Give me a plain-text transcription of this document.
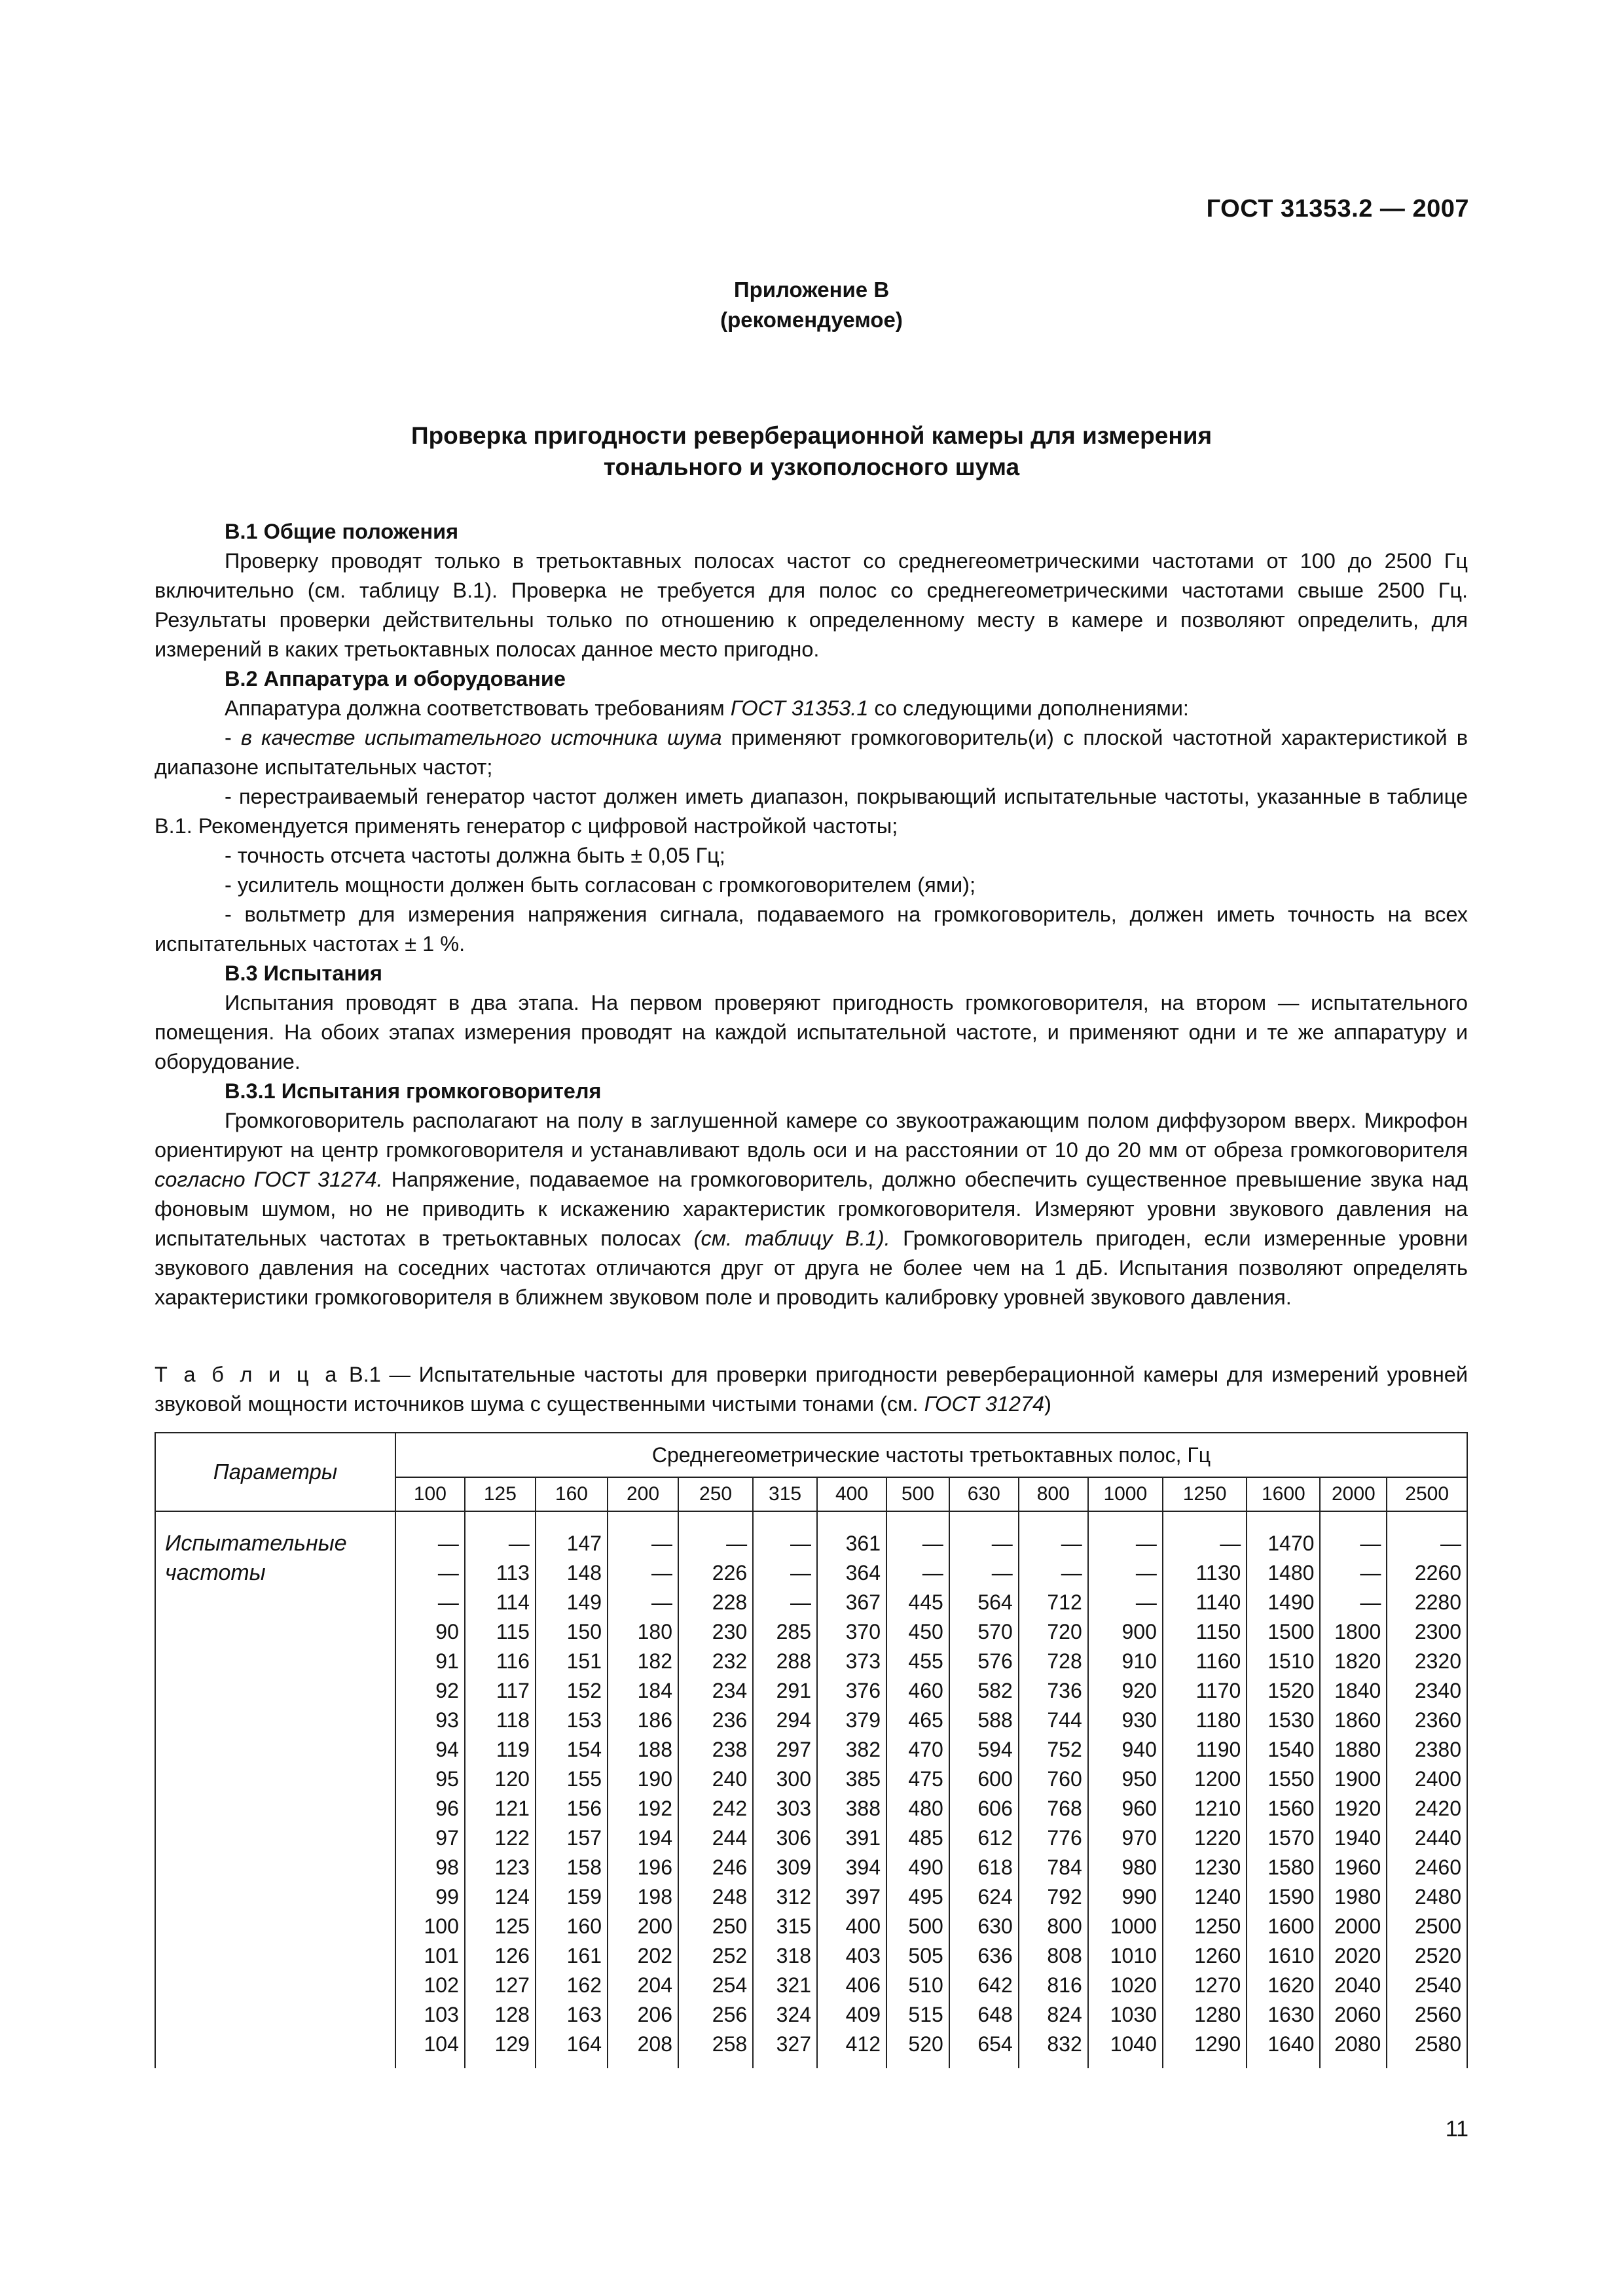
ГОСТ 31353.2 — 2007
Приложение В
(рекомендуемое)
Проверка пригодности реверберационной камеры для измерения
тонального и узкополосного шума
В.1 Общие положения

Проверку проводят только в третьоктавных полосах частот со среднегеометрическими частотами от 100 до 2500 Гц включительно (см. таблицу В.1). Проверка не требуется для полос со среднегеометрическими частотами свыше 2500 Гц. Результаты проверки действительны только по отношению к определенному месту в камере и позволяют определить, для измерений в каких третьоктавных полосах данное место пригодно.

В.2 Аппаратура и оборудование

Аппаратура должна соответствовать требованиям ГОСТ 31353.1 со следующими дополнениями:

- в качестве испытательного источника шума применяют громкоговоритель(и) с плоской частотной характеристикой в диапазоне испытательных частот;

- перестраиваемый генератор частот должен иметь диапазон, покрывающий испытательные частоты, указанные в таблице В.1. Рекомендуется применять генератор с цифровой настройкой частоты;

- точность отсчета частоты должна быть ± 0,05 Гц;

- усилитель мощности должен быть согласован с громкоговорителем (ями);

- вольтметр для измерения напряжения сигнала, подаваемого на громкоговоритель, должен иметь точность на всех испытательных частотах ± 1 %.

В.3 Испытания

Испытания проводят в два этапа. На первом проверяют пригодность громкоговорителя, на втором — испытательного помещения. На обоих этапах измерения проводят на каждой испытательной частоте, и применяют одни и те же аппаратуру и оборудование.

В.3.1 Испытания громкоговорителя

Громкоговоритель располагают на полу в заглушенной камере со звукоотражающим полом диффузором вверх. Микрофон ориентируют на центр громкоговорителя и устанавливают вдоль оси и на расстоянии от 10 до 20 мм от обреза громкоговорителя согласно ГОСТ 31274. Напряжение, подаваемое на громкоговоритель, должно обеспечить существенное превышение звука над фоновым шумом, но не приводить к искажению характеристик громкоговорителя. Измеряют уровни звукового давления на испытательных частотах в третьоктавных полосах (см. таблицу В.1). Громкоговоритель пригоден, если измеренные уровни звукового давления на соседних частотах отличаются друг от друга не более чем на 1 дБ. Испытания позволяют определять характеристики громкоговорителя в ближнем звуковом поле и проводить калибровку уровней звукового давления.

Т а б л и ц а В.1 — Испытательные частоты для проверки пригодности реверберационной камеры для измерений уровней звуковой мощности источников шума с существенными чистыми тонами (см. ГОСТ 31274)
Параметры	Среднегеометрические частоты третьоктавных полос, Гц														
	100	125	160	200	250	315	400	500	630	800	1000	1250	1600	2000	2500

Испытательные
частоты	—	—	147	—	—	—	361	—	—	—	—	—	1470	—	—
	—	113	148	—	226	—	364	—	—	—	—	1130	1480	—	2260
	—	114	149	—	228	—	367	445	564	712	—	1140	1490	—	2280
	90	115	150	180	230	285	370	450	570	720	900	1150	1500	1800	2300
	91	116	151	182	232	288	373	455	576	728	910	1160	1510	1820	2320
	92	117	152	184	234	291	376	460	582	736	920	1170	1520	1840	2340
	93	118	153	186	236	294	379	465	588	744	930	1180	1530	1860	2360
	94	119	154	188	238	297	382	470	594	752	940	1190	1540	1880	2380
	95	120	155	190	240	300	385	475	600	760	950	1200	1550	1900	2400
	96	121	156	192	242	303	388	480	606	768	960	1210	1560	1920	2420
	97	122	157	194	244	306	391	485	612	776	970	1220	1570	1940	2440
	98	123	158	196	246	309	394	490	618	784	980	1230	1580	1960	2460
	99	124	159	198	248	312	397	495	624	792	990	1240	1590	1980	2480
	100	125	160	200	250	315	400	500	630	800	1000	1250	1600	2000	2500
	101	126	161	202	252	318	403	505	636	808	1010	1260	1610	2020	2520
	102	127	162	204	254	321	406	510	642	816	1020	1270	1620	2040	2540
	103	128	163	206	256	324	409	515	648	824	1030	1280	1630	2060	2560
	104	129	164	208	258	327	412	520	654	832	1040	1290	1640	2080	2580
11
